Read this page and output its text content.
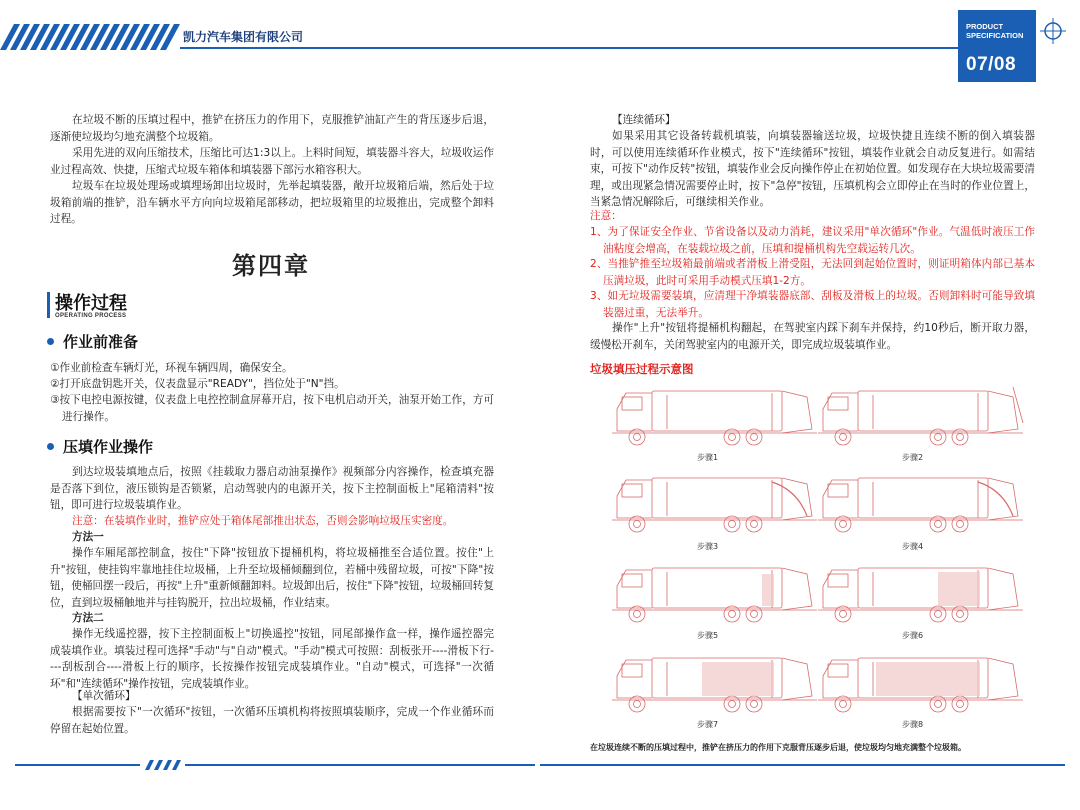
凯力汽车集团有限公司
PRODUCT
SPECIFICATION
07/08

在垃圾不断的压填过程中，推铲在挤压力的作用下，克服推铲油缸产生的背压逐步后退，逐渐使垃圾均匀地充满整个垃圾箱。

采用先进的双向压缩技术，压缩比可达1:3以上。上料时间短，填装器斗容大，垃圾收运作业过程高效、快捷，压缩式垃圾车箱体和填装器下部污水箱容积大。

垃圾车在垃圾处理场或填埋场卸出垃圾时，先举起填装器，敞开垃圾箱后端，然后处于垃圾箱前端的推铲，沿车辆水平方向向垃圾箱尾部移动，把垃圾箱里的垃圾推出，完成整个卸料过程。

第四章
操作过程
OPERATING PROCESS
作业前准备

①作业前检查车辆灯光，环视车辆四周，确保安全。

②打开底盘钥匙开关，仪表盘显示"READY"，挡位处于"N"挡。

③按下电控电源按键，仪表盘上电控控制盒屏幕开启，按下电机启动开关，油泵开始工作，方可进行操作。

压填作业操作

到达垃圾装填地点后，按照《挂载取力器启动油泵操作》视频部分内容操作，检查填充器是否落下到位，液压锁钩是否锁紧，启动驾驶内的电源开关，按下主控制面板上"尾箱清料"按钮，即可进行垃圾装填作业。

注意：在装填作业时，推铲应处于箱体尾部推出状态，否则会影响垃圾压实密度。

方法一

操作车厢尾部控制盒，按住"下降"按钮放下提桶机构，将垃圾桶推至合适位置。按住"上升"按钮，使挂钩牢靠地挂住垃圾桶，上升至垃圾桶倾翻到位，若桶中残留垃圾，可按"下降"按钮，使桶回摆一段后，再按"上升"重新倾翻卸料。垃圾卸出后，按住"下降"按钮，垃圾桶回转复位，直到垃圾桶触地并与挂钩脱开，拉出垃圾桶，作业结束。

方法二

操作无线遥控器，按下主控制面板上"切换遥控"按钮，同尾部操作盒一样，操作遥控器完成装填作业。填装过程可选择"手动"与"自动"模式。"手动"模式可按照：刮板张开----滑板下行----刮板刮合----滑板上行的顺序，长按操作按钮完成装填作业。"自动"模式，可选择"一次循环"和"连续循环"操作按钮，完成装填作业。

【单次循环】

根据需要按下"一次循环"按钮，一次循环压填机构将按照填装顺序，完成一个作业循环而停留在起始位置。

【连续循环】

如果采用其它设备转载机填装，向填装器输送垃圾，垃圾快捷且连续不断的倒入填装器时，可以使用连续循环作业模式，按下"连续循环"按钮，填装作业就会自动反复进行。如需结束，可按下"动作反转"按钮，填装作业会反向操作停止在初始位置。如发现存在大块垃圾需要清理，或出现紧急情况需要停止时，按下"急停"按钮，压填机构会立即停止在当时的作业位置上，当紧急情况解除后，可继续相关作业。

注意：

1、为了保证安全作业、节省设备以及动力消耗，建议采用"单次循环"作业。气温低时液压工作油粘度会增高，在装载垃圾之前，压填和提桶机构先空载运转几次。

2、当推铲推至垃圾箱最前端或者滑板上滑受阻，无法回到起始位置时，则证明箱体内部已基本压满垃圾，此时可采用手动模式压填1-2方。

3、如无垃圾需要装填，应清理干净填装器底部、刮板及滑板上的垃圾。否则卸料时可能导致填装器过重，无法举升。

操作"上升"按钮将提桶机构翻起，在驾驶室内踩下刹车并保持，约10秒后，断开取力器，缓慢松开刹车，关闭驾驶室内的电源开关，即完成垃圾装填作业。

垃圾填压过程示意图
步骤1	步骤2
步骤3	步骤4
步骤5	步骤6
步骤7	步骤8
在垃圾连续不断的压填过程中，推铲在挤压力的作用下克服背压逐步后退，使垃圾均匀地充满整个垃圾箱。
